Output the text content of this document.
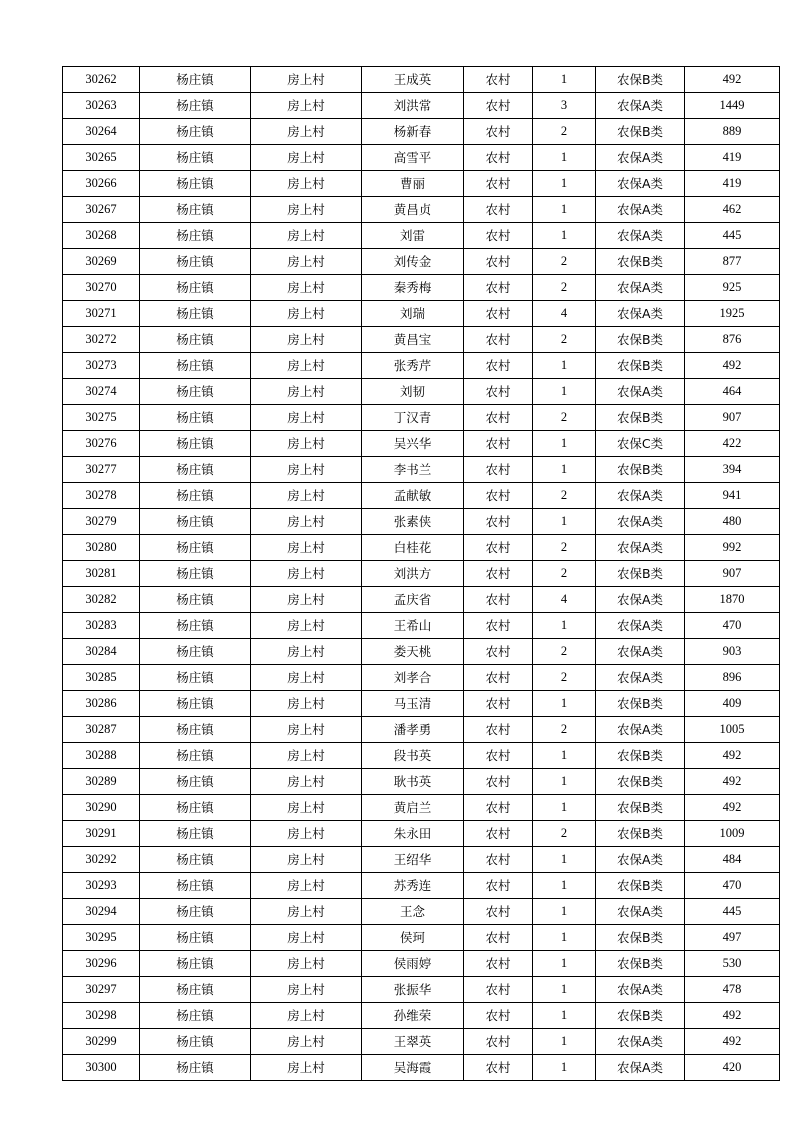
30262	杨庄镇	房上村	王成英	农村	1	农保B类	492
30263	杨庄镇	房上村	刘洪常	农村	3	农保A类	1449
30264	杨庄镇	房上村	杨新春	农村	2	农保B类	889
30265	杨庄镇	房上村	高雪平	农村	1	农保A类	419
30266	杨庄镇	房上村	曹丽	农村	1	农保A类	419
30267	杨庄镇	房上村	黄昌贞	农村	1	农保A类	462
30268	杨庄镇	房上村	刘雷	农村	1	农保A类	445
30269	杨庄镇	房上村	刘传金	农村	2	农保B类	877
30270	杨庄镇	房上村	秦秀梅	农村	2	农保A类	925
30271	杨庄镇	房上村	刘瑞	农村	4	农保A类	1925
30272	杨庄镇	房上村	黄昌宝	农村	2	农保B类	876
30273	杨庄镇	房上村	张秀芹	农村	1	农保B类	492
30274	杨庄镇	房上村	刘韧	农村	1	农保A类	464
30275	杨庄镇	房上村	丁汉青	农村	2	农保B类	907
30276	杨庄镇	房上村	吴兴华	农村	1	农保C类	422
30277	杨庄镇	房上村	李书兰	农村	1	农保B类	394
30278	杨庄镇	房上村	孟献敏	农村	2	农保A类	941
30279	杨庄镇	房上村	张素侠	农村	1	农保A类	480
30280	杨庄镇	房上村	白桂花	农村	2	农保A类	992
30281	杨庄镇	房上村	刘洪方	农村	2	农保B类	907
30282	杨庄镇	房上村	孟庆省	农村	4	农保A类	1870
30283	杨庄镇	房上村	王希山	农村	1	农保A类	470
30284	杨庄镇	房上村	娄天桃	农村	2	农保A类	903
30285	杨庄镇	房上村	刘孝合	农村	2	农保A类	896
30286	杨庄镇	房上村	马玉清	农村	1	农保B类	409
30287	杨庄镇	房上村	潘孝勇	农村	2	农保A类	1005
30288	杨庄镇	房上村	段书英	农村	1	农保B类	492
30289	杨庄镇	房上村	耿书英	农村	1	农保B类	492
30290	杨庄镇	房上村	黄启兰	农村	1	农保B类	492
30291	杨庄镇	房上村	朱永田	农村	2	农保B类	1009
30292	杨庄镇	房上村	王绍华	农村	1	农保A类	484
30293	杨庄镇	房上村	苏秀连	农村	1	农保B类	470
30294	杨庄镇	房上村	王念	农村	1	农保A类	445
30295	杨庄镇	房上村	侯珂	农村	1	农保B类	497
30296	杨庄镇	房上村	侯雨婷	农村	1	农保B类	530
30297	杨庄镇	房上村	张振华	农村	1	农保A类	478
30298	杨庄镇	房上村	孙维荣	农村	1	农保B类	492
30299	杨庄镇	房上村	王翠英	农村	1	农保A类	492
30300	杨庄镇	房上村	吴海霞	农村	1	农保A类	420
